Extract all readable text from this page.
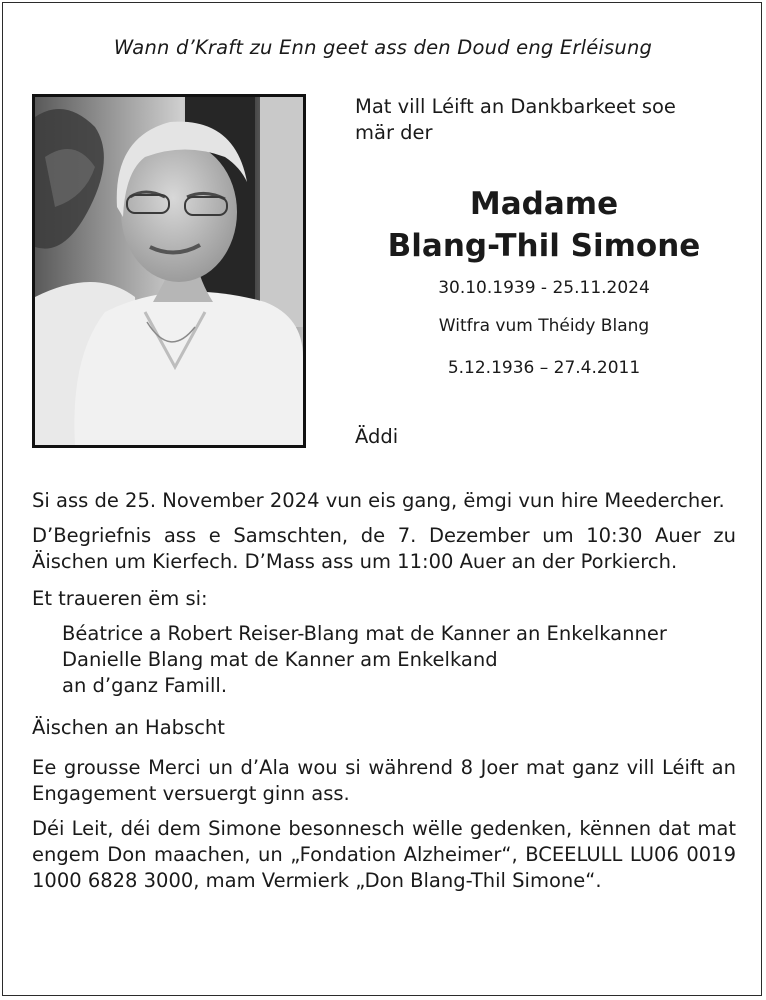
Wann d’Kraft zu Enn geet ass den Doud eng Erléisung
Mat vill Léift an Dankbarkeet soe
mär der
Madame
Blang-Thil Simone
30.10.1939 - 25.11.2024
Witfra vum Théidy Blang
5.12.1936 – 27.4.2011
Äddi

Si ass de 25. November 2024 vun eis gang, ëmgi vun hire Meedercher.

D’Begriefnis ass e Samschten, de 7. Dezember um 10:30 Auer zu Äischen um Kierfech. D’Mass ass um 11:00 Auer an der Porkierch.

Et traueren ëm si:

Béatrice a Robert Reiser-Blang mat de Kanner an Enkelkanner
Danielle Blang mat de Kanner am Enkelkand
an d’ganz Famill.

Äischen an Habscht

Ee grousse Merci un d’Ala wou si während 8 Joer mat ganz vill Léift an Engagement versuergt ginn ass.

Déi Leit, déi dem Simone besonnesch wëlle gedenken, kënnen dat mat engem Don maachen, un „Fondation Alzheimer“, BCEELULL LU06 0019 1000 6828 3000, mam Vermierk „Don Blang-Thil Simone“.
